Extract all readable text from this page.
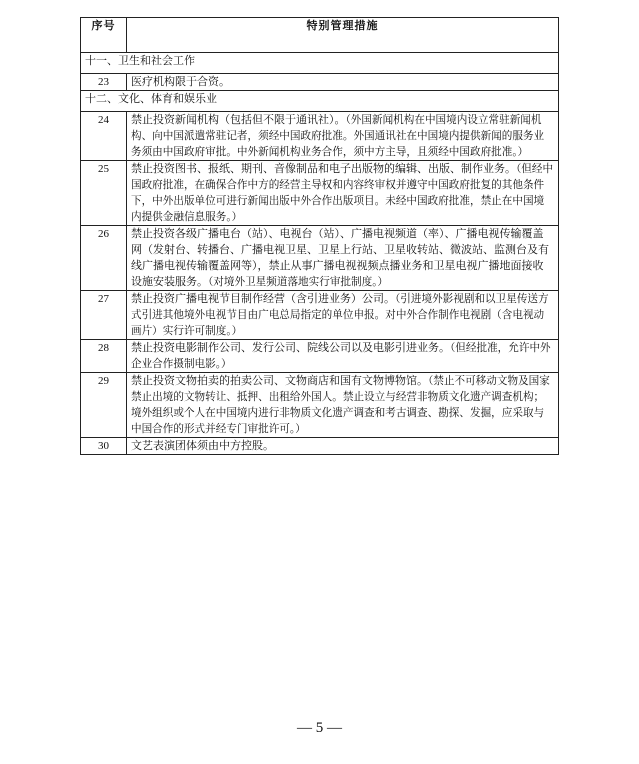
序号	特别管理措施
十一、卫生和社会工作	
23	医疗机构限于合资。
十二、文化、体育和娱乐业	
24	禁止投资新闻机构（包括但不限于通讯社）。（外国新闻机构在中国境内设立常驻新闻机构、向中国派遣常驻记者，须经中国政府批准。外国通讯社在中国境内提供新闻的服务业务须由中国政府审批。中外新闻机构业务合作，须中方主导，且须经中国政府批准。）
25	禁止投资图书、报纸、期刊、音像制品和电子出版物的编辑、出版、制作业务。（但经中国政府批准，在确保合作中方的经营主导权和内容终审权并遵守中国政府批复的其他条件下，中外出版单位可进行新闻出版中外合作出版项目。未经中国政府批准，禁止在中国境内提供金融信息服务。）
26	禁止投资各级广播电台（站）、电视台（站）、广播电视频道（率）、广播电视传输覆盖网（发射台、转播台、广播电视卫星、卫星上行站、卫星收转站、微波站、监测台及有线广播电视传输覆盖网等），禁止从事广播电视视频点播业务和卫星电视广播地面接收设施安装服务。（对境外卫星频道落地实行审批制度。）
27	禁止投资广播电视节目制作经营（含引进业务）公司。（引进境外影视剧和以卫星传送方式引进其他境外电视节目由广电总局指定的单位申报。对中外合作制作电视剧（含电视动画片）实行许可制度。）
28	禁止投资电影制作公司、发行公司、院线公司以及电影引进业务。（但经批准，允许中外企业合作摄制电影。）
29	禁止投资文物拍卖的拍卖公司、文物商店和国有文物博物馆。（禁止不可移动文物及国家禁止出境的文物转让、抵押、出租给外国人。禁止设立与经营非物质文化遗产调查机构；境外组织或个人在中国境内进行非物质文化遗产调查和考古调查、勘探、发掘，应采取与中国合作的形式并经专门审批许可。）
30	文艺表演团体须由中方控股。
— 5 —
